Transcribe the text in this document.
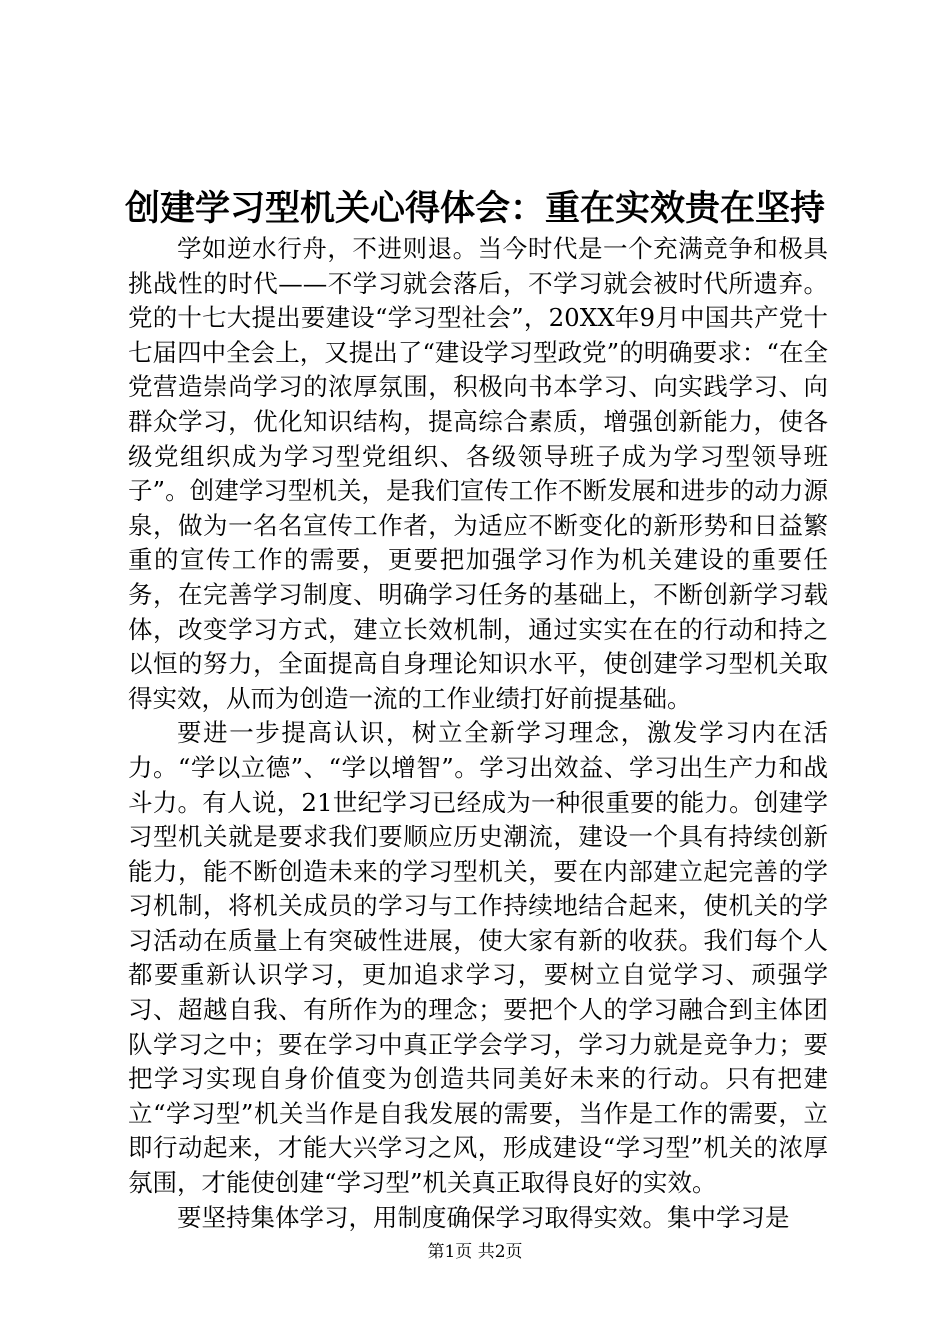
创建学习型机关心得体会：重在实效贵在坚持

学如逆水行舟，不进则退。当今时代是一个充满竞争和极具挑战性的时代——不学习就会落后，不学习就会被时代所遗弃。党的十七大提出要建设“学习型社会”，20XX年9月中国共产党十七届四中全会上，又提出了“建设学习型政党”的明确要求：“在全党营造崇尚学习的浓厚氛围，积极向书本学习、向实践学习、向群众学习，优化知识结构，提高综合素质，增强创新能力，使各级党组织成为学习型党组织、各级领导班子成为学习型领导班子”。创建学习型机关，是我们宣传工作不断发展和进步的动力源泉，做为一名名宣传工作者，为适应不断变化的新形势和日益繁重的宣传工作的需要，更要把加强学习作为机关建设的重要任务，在完善学习制度、明确学习任务的基础上，不断创新学习载体，改变学习方式，建立长效机制，通过实实在在的行动和持之以恒的努力，全面提高自身理论知识水平，使创建学习型机关取得实效，从而为创造一流的工作业绩打好前提基础。

要进一步提高认识，树立全新学习理念，激发学习内在活力。“学以立德”、“学以增智”。学习出效益、学习出生产力和战斗力。有人说，21世纪学习已经成为一种很重要的能力。创建学习型机关就是要求我们要顺应历史潮流，建设一个具有持续创新能力，能不断创造未来的学习型机关，要在内部建立起完善的学习机制，将机关成员的学习与工作持续地结合起来，使机关的学习活动在质量上有突破性进展，使大家有新的收获。我们每个人都要重新认识学习，更加追求学习，要树立自觉学习、顽强学习、超越自我、有所作为的理念；要把个人的学习融合到主体团队学习之中；要在学习中真正学会学习，学习力就是竞争力；要把学习实现自身价值变为创造共同美好未来的行动。只有把建立“学习型”机关当作是自我发展的需要，当作是工作的需要，立即行动起来，才能大兴学习之风，形成建设“学习型”机关的浓厚氛围，才能使创建“学习型”机关真正取得良好的实效。

要坚持集体学习，用制度确保学习取得实效。集中学习是

第1页 共2页
